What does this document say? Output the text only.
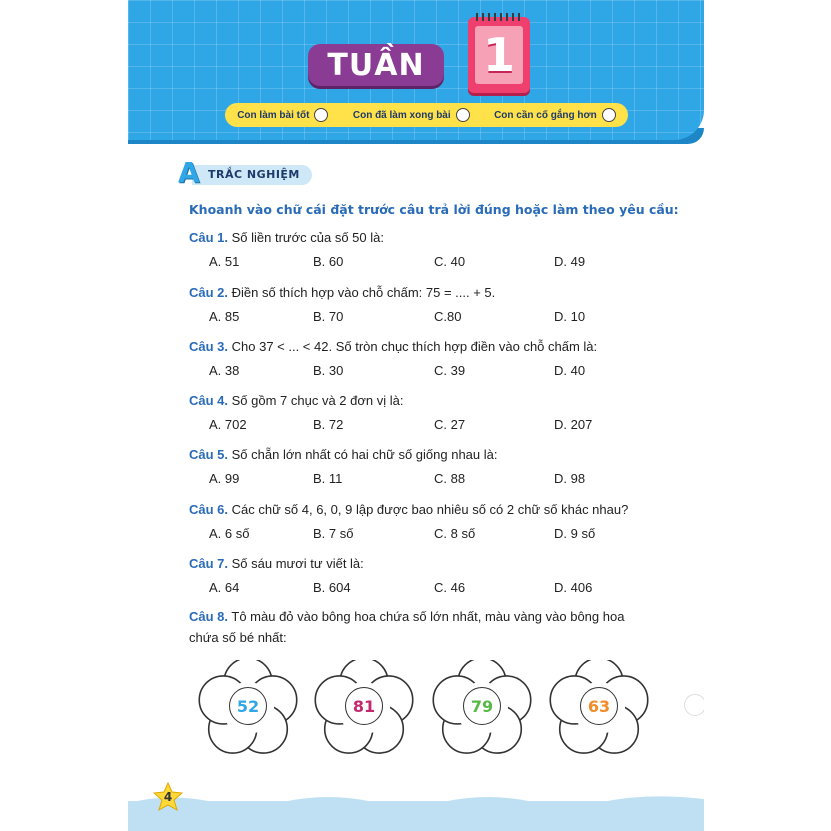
TUẦN 1
Con làm bài tốt	Con đã làm xong bài	Con cần cố gắng hơn
A TRẮC NGHIỆM
Khoanh vào chữ cái đặt trước câu trả lời đúng hoặc làm theo yêu cầu:
Câu 1. Số liền trước của số 50 là:
A. 51	B. 60	C. 40	D. 49
Câu 2. Điền số thích hợp vào chỗ chấm: 75 = .... + 5.
A. 85	B. 70	C.80	D. 10
Câu 3. Cho 37 < ... < 42. Số tròn chục thích hợp điền vào chỗ chấm là:
A. 38	B. 30	C. 39	D. 40
Câu 4. Số gồm 7 chục và 2 đơn vị là:
A. 702	B. 72	C. 27	D. 207
Câu 5. Số chẵn lớn nhất có hai chữ số giống nhau là:
A. 99	B. 11	C. 88	D. 98
Câu 6. Các chữ số 4, 6, 0, 9 lập được bao nhiêu số có 2 chữ số khác nhau?
A. 6 số	B. 7 số	C. 8 số	D. 9 số
Câu 7. Số sáu mươi tư viết là:
A. 64	B. 604	C. 46	D. 406
Câu 8. Tô màu đỏ vào bông hoa chứa số lớn nhất, màu vàng vào bông hoa
chứa số bé nhất:
52	81	79	63
4
